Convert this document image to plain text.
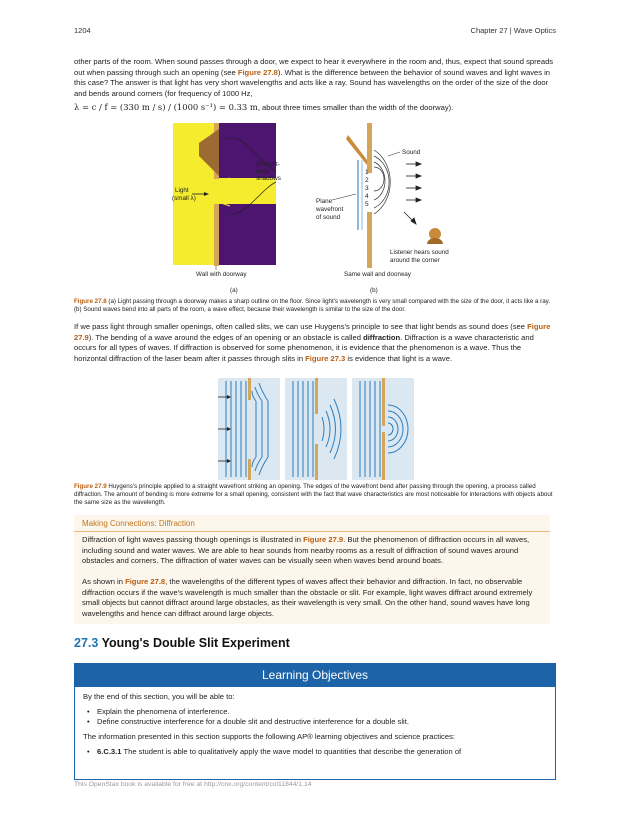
1204	Chapter 27 | Wave Optics
other parts of the room. When sound passes through a door, we expect to hear it everywhere in the room and, thus, expect that sound spreads out when passing through such an opening (see Figure 27.8). What is the difference between the behavior of sound waves and light waves in this case? The answer is that light has very short wavelengths and acts like a ray. Sound has wavelengths on the order of the size of the door and bends around corners (for frequency of 1000 Hz,
λ = c / f = (330 m / s) / (1000 s⁻¹) = 0.33 m, about three times smaller than the width of the doorway).
Straight-edge shadows
Light
(small λ)
Wall with doorway
(a)
1
2
3
4
5
Sound
Plane wavefront of sound
Listener hears sound around the corner
Same wall and doorway
(b)
Figure 27.8 (a) Light passing through a doorway makes a sharp outline on the floor. Since light's wavelength is very small compared with the size of the door, it acts like a ray. (b) Sound waves bend into all parts of the room, a wave effect, because their wavelength is similar to the size of the door.
If we pass light through smaller openings, often called slits, we can use Huygens's principle to see that light bends as sound does (see Figure 27.9). The bending of a wave around the edges of an opening or an obstacle is called diffraction. Diffraction is a wave characteristic and occurs for all types of waves. If diffraction is observed for some phenomenon, it is evidence that the phenomenon is a wave. Thus the horizontal diffraction of the laser beam after it passes through slits in Figure 27.3 is evidence that light is a wave.
Figure 27.9 Huygens's principle applied to a straight wavefront striking an opening. The edges of the wavefront bend after passing through the opening, a process called diffraction. The amount of bending is more extreme for a small opening, consistent with the fact that wave characteristics are most noticeable for interactions with objects about the same size as the wavelength.
Making Connections: Diffraction
Diffraction of light waves passing though openings is illustrated in Figure 27.9. But the phenomenon of diffraction occurs in all waves, including sound and water waves. We are able to hear sounds from nearby rooms as a result of diffraction of sound waves around obstacles and corners. The diffraction of water waves can be visually seen when waves bend around boats.
As shown in Figure 27.8, the wavelengths of the different types of waves affect their behavior and diffraction. In fact, no observable diffraction occurs if the wave's wavelength is much smaller than the obstacle or slit. For example, light waves diffract around extremely small objects but cannot diffract around large obstacles, as their wavelength is very small. On the other hand, sound waves have long wavelengths and hence can diffract around large objects.
27.3 Young's Double Slit Experiment
Learning Objectives
By the end of this section, you will be able to:
• Explain the phenomena of interference.
• Define constructive interference for a double slit and destructive interference for a double slit.
The information presented in this section supports the following AP® learning objectives and science practices:
• 6.C.3.1 The student is able to qualitatively apply the wave model to quantities that describe the generation of
This OpenStax book is available for free at http://cnx.org/content/col11844/1.14
